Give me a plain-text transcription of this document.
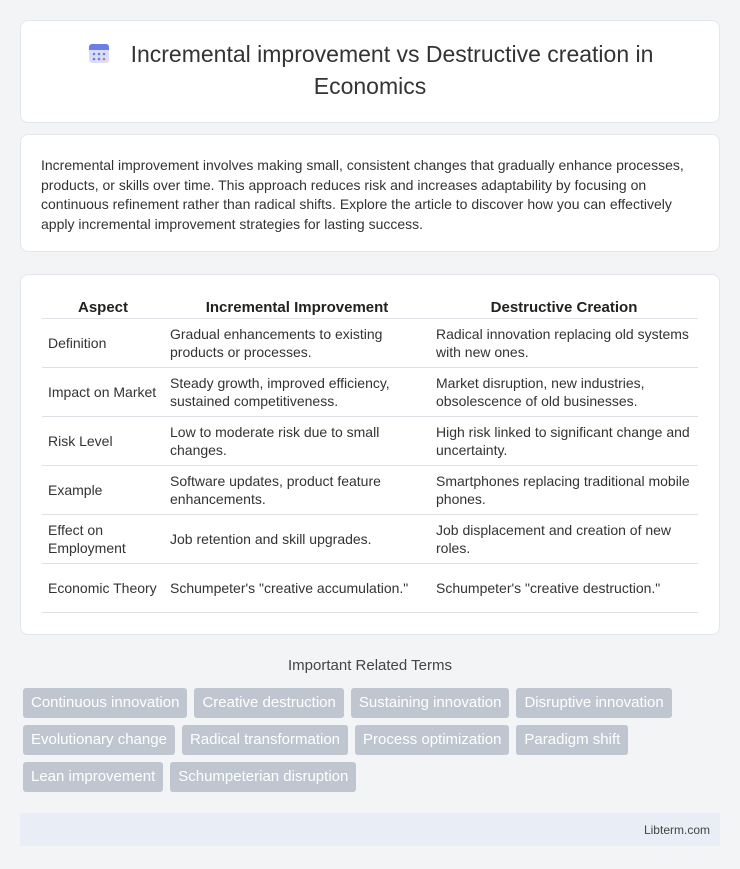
Incremental improvement vs Destructive creation in Economics

Incremental improvement involves making small, consistent changes that gradually enhance processes, products, or skills over time. This approach reduces risk and increases adaptability by focusing on continuous refinement rather than radical shifts. Explore the article to discover how you can effectively apply incremental improvement strategies for lasting success.

Aspect	Incremental Improvement	Destructive Creation
Definition	Gradual enhancements to existing products or processes.	Radical innovation replacing old systems with new ones.
Impact on Market	Steady growth, improved efficiency, sustained competitiveness.	Market disruption, new industries, obsolescence of old businesses.
Risk Level	Low to moderate risk due to small changes.	High risk linked to significant change and uncertainty.
Example	Software updates, product feature enhancements.	Smartphones replacing traditional mobile phones.
Effect on Employment	Job retention and skill upgrades.	Job displacement and creation of new roles.
Economic Theory	Schumpeter's "creative accumulation."	Schumpeter's "creative destruction."
Important Related Terms
Continuous innovation	Creative destruction	Sustaining innovation	Disruptive innovation
Evolutionary change	Radical transformation	Process optimization	Paradigm shift
Lean improvement	Schumpeterian disruption
Libterm.com
